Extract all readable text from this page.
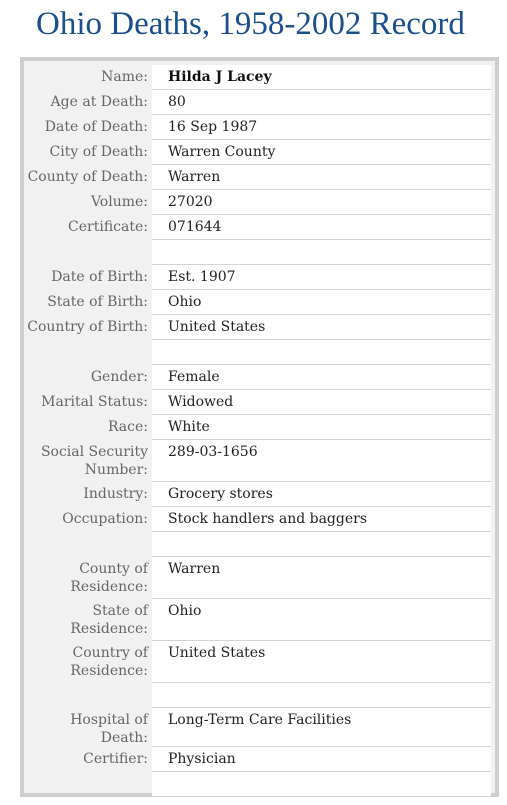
Ohio Deaths, 1958-2002 Record
Name:	Hilda J Lacey
Age at Death:	80
Date of Death:	16 Sep 1987
City of Death:	Warren County
County of Death:	Warren
Volume:	27020
Certificate:	071644
Date of Birth:	Est. 1907
State of Birth:	Ohio
Country of Birth:	United States
Gender:	Female
Marital Status:	Widowed
Race:	White
Social Security Number:
289-03-1656
Industry:	Grocery stores
Occupation:	Stock handlers and baggers
County of Residence:
Warren
State of Residence:
Ohio
Country of Residence:
United States
Hospital of Death:
Long-Term Care Facilities
Certifier:	Physician
